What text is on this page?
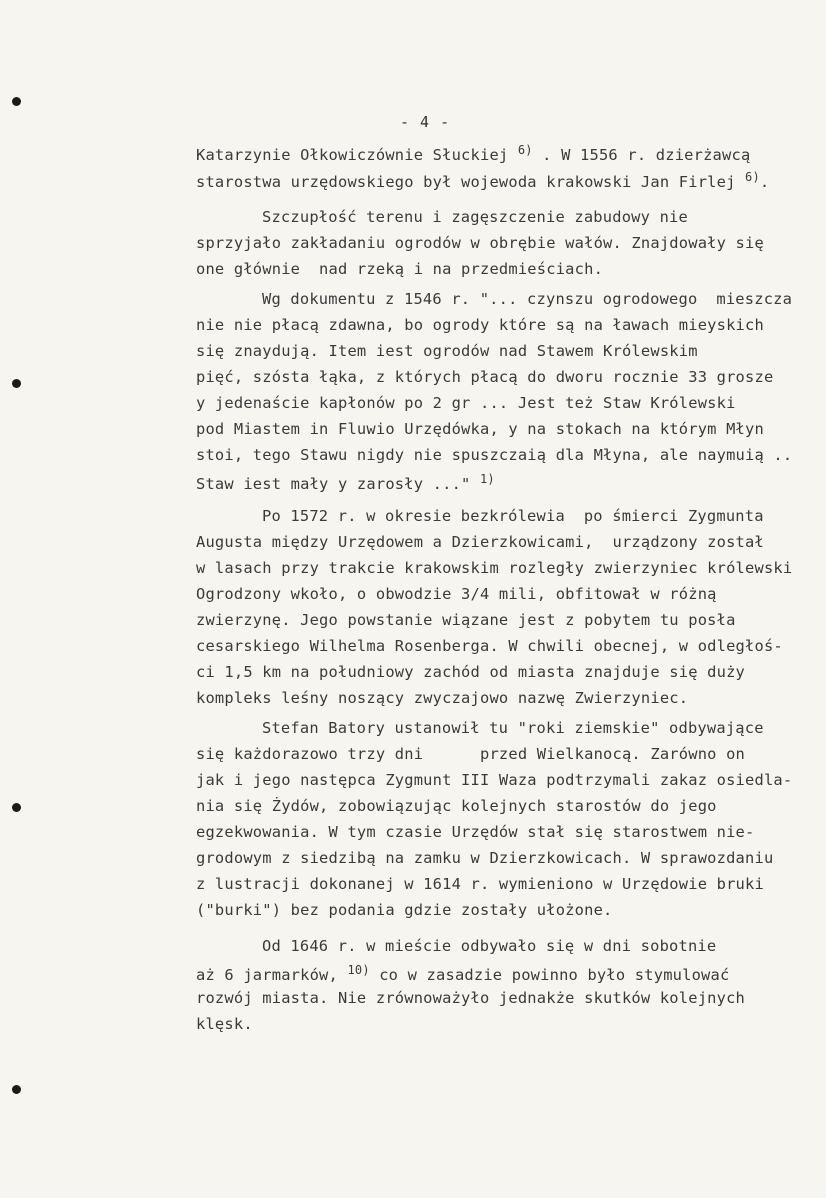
- 4 -
Katarzynie Ołkowiczównie Słuckiej $^{6)}$ . W 1556 r. dzierżawcą
starostwa urzędowskiego był wojewoda krakowski Jan Firlej $^{6)}$.
Szczupłość terenu i zagęszczenie zabudowy nie
sprzyjało zakładaniu ogrodów w obrębie wałów. Znajdowały się
one głównie  nad rzeką i na przedmieściach.
Wg dokumentu z 1546 r. "... czynszu ogrodowego  mieszcza
nie nie płacą zdawna, bo ogrody które są na ławach mieyskich
się znaydują. Item iest ogrodów nad Stawem Królewskim
pięć, szósta łąka, z których płacą do dworu rocznie 33 grosze
y jedenaście kapłonów po 2 gr ... Jest też Staw Królewski
pod Miastem in Fluwio Urzędówka, y na stokach na którym Młyn
stoi, tego Stawu nigdy nie spuszczaią dla Młyna, ale naymuią ..
Staw iest mały y zarosły ..." $^{1)}$
Po 1572 r. w okresie bezkrólewia  po śmierci Zygmunta
Augusta między Urzędowem a Dzierzkowicami,  urządzony został
w lasach przy trakcie krakowskim rozległy zwierzyniec królewski
Ogrodzony wkoło, o obwodzie 3/4 mili, obfitował w różną
zwierzynę. Jego powstanie wiązane jest z pobytem tu posła
cesarskiego Wilhelma Rosenberga. W chwili obecnej, w odległoś-
ci 1,5 km na południowy zachód od miasta znajduje się duży
kompleks leśny noszący zwyczajowo nazwę Zwierzyniec.
Stefan Batory ustanowił tu "roki ziemskie" odbywające
się każdorazowo trzy dni      przed Wielkanocą. Zarówno on
jak i jego następca Zygmunt III Waza podtrzymali zakaz osiedla-
nia się Żydów, zobowiązując kolejnych starostów do jego
egzekwowania. W tym czasie Urzędów stał się starostwem nie-
grodowym z siedzibą na zamku w Dzierzkowicach. W sprawozdaniu
z lustracji dokonanej w 1614 r. wymieniono w Urzędowie bruki
("burki") bez podania gdzie zostały ułożone.
Od 1646 r. w mieście odbywało się w dni sobotnie
aż 6 jarmarków, $^{10)}$ co w zasadzie powinno było stymulować
rozwój miasta. Nie zrównoważyło jednakże skutków kolejnych
klęsk.
